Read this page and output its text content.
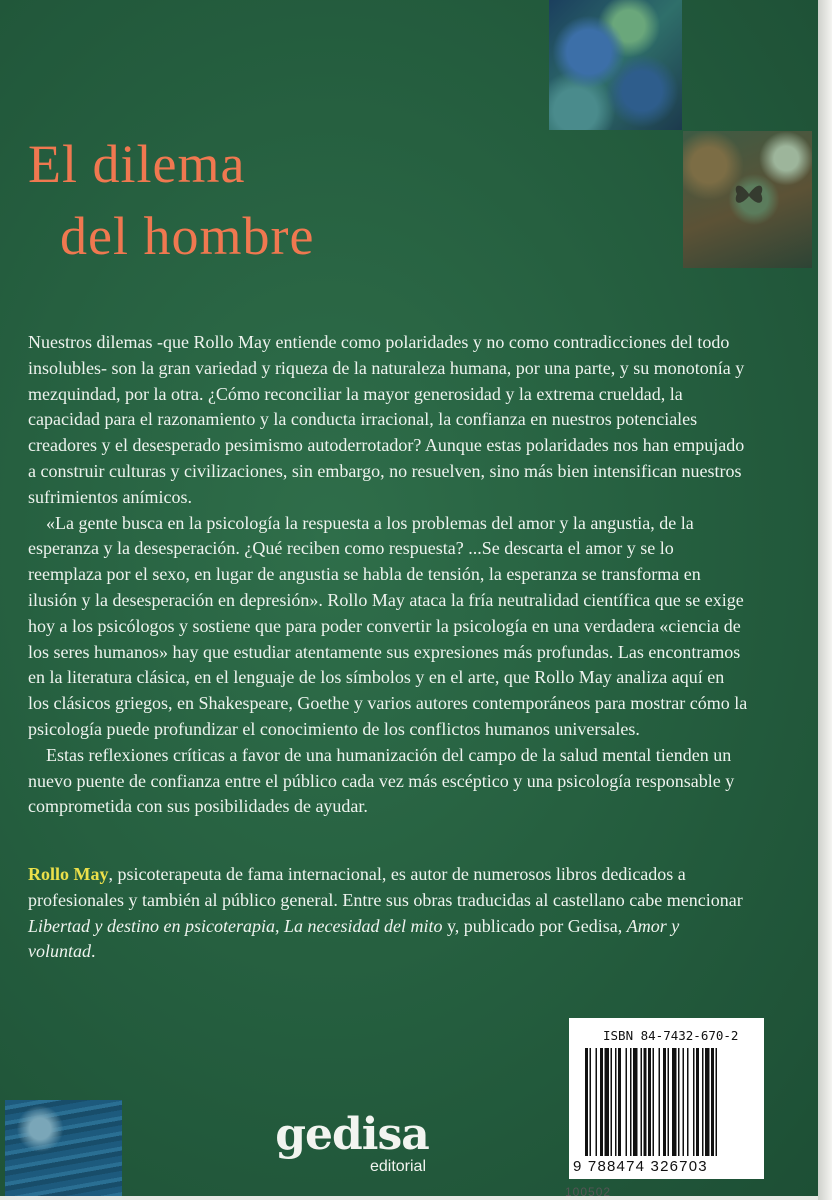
El dilema
del hombre

Nuestros dilemas -que Rollo May entiende como polaridades y no como contradicciones del todo insolubles- son la gran variedad y riqueza de la naturaleza humana, por una parte, y su monotonía y mezquindad, por la otra. ¿Cómo reconciliar la mayor generosidad y la extrema crueldad, la capacidad para el razonamiento y la conducta irracional, la confianza en nuestros potenciales creadores y el desesperado pesimismo autoderrotador? Aunque estas polaridades nos han empujado a construir culturas y civilizaciones, sin embargo, no resuelven, sino más bien intensifican nuestros sufrimientos anímicos.

«La gente busca en la psicología la respuesta a los problemas del amor y la angustia, de la esperanza y la desesperación. ¿Qué reciben como respuesta? ...Se descarta el amor y se lo reemplaza por el sexo, en lugar de angustia se habla de tensión, la esperanza se transforma en ilusión y la desesperación en depresión». Rollo May ataca la fría neutralidad científica que se exige hoy a los psicólogos y sostiene que para poder convertir la psicología en una verdadera «ciencia de los seres humanos» hay que estudiar atentamente sus expresiones más profundas. Las encontramos en la literatura clásica, en el lenguaje de los símbolos y en el arte, que Rollo May analiza aquí en los clásicos griegos, en Shakespeare, Goethe y varios autores contemporáneos para mostrar cómo la psicología puede profundizar el conocimiento de los conflictos humanos universales.

Estas reflexiones críticas a favor de una humanización del campo de la salud mental tienden un nuevo puente de confianza entre el público cada vez más escéptico y una psicología responsable y comprometida con sus posibilidades de ayudar.

Rollo May, psicoterapeuta de fama internacional, es autor de numerosos libros dedicados a profesionales y también al público general. Entre sus obras traducidas al castellano cabe mencionar Libertad y destino en psicoterapia, La necesidad del mito y, publicado por Gedisa, Amor y voluntad.

ISBN 84-7432-670-2
9 788474 326703
gedisa
editorial
100502
